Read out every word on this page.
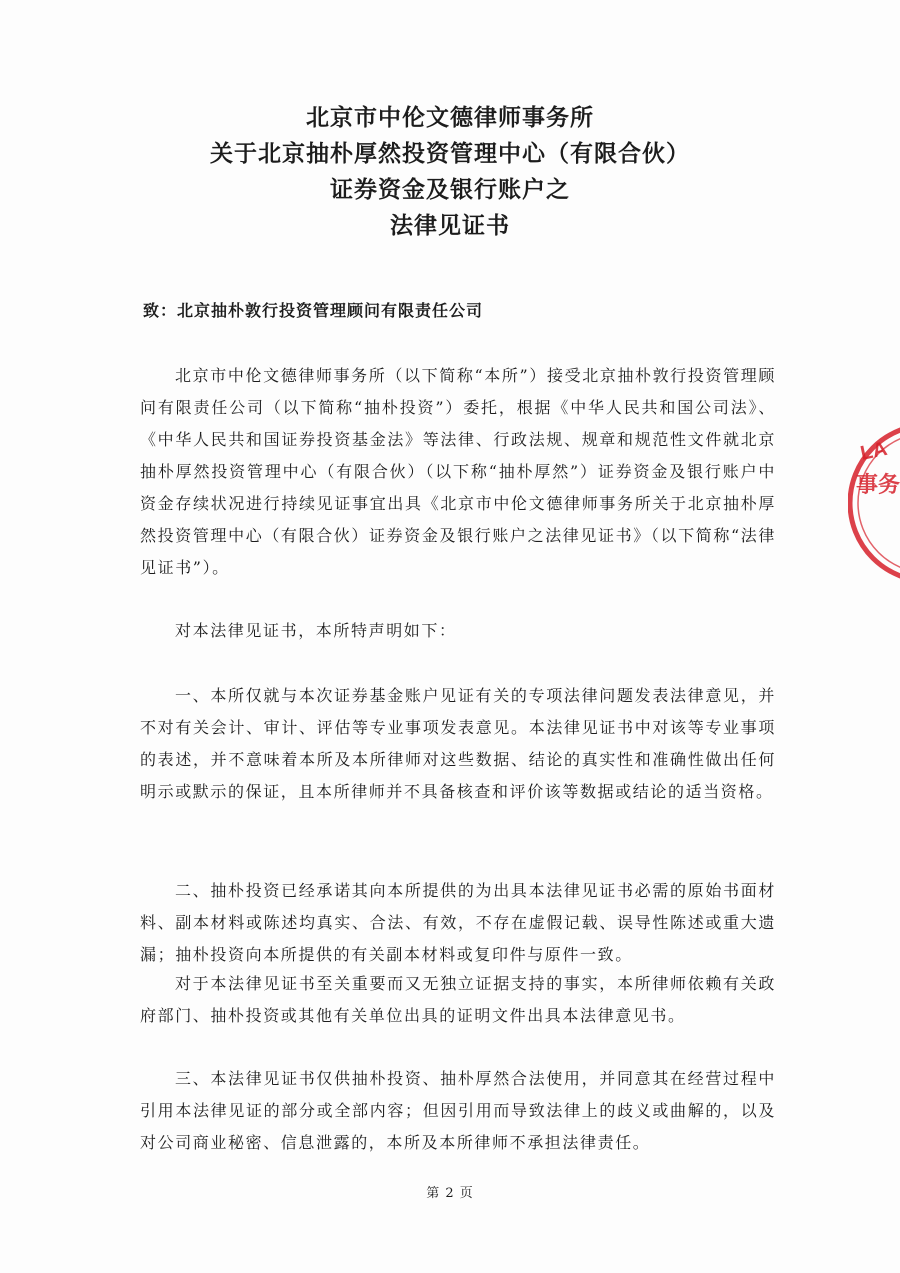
北京市中伦文德律师事务所
关于北京抽朴厚然投资管理中心（有限合伙）
证券资金及银行账户之
法律见证书
致：北京抽朴敦行投资管理顾问有限责任公司

北京市中伦文德律师事务所（以下简称“本所”）接受北京抽朴敦行投资管理顾问有限责任公司（以下简称“抽朴投资”）委托，根据《中华人民共和国公司法》、《中华人民共和国证券投资基金法》等法律、行政法规、规章和规范性文件就北京抽朴厚然投资管理中心（有限合伙）（以下称“抽朴厚然”）证券资金及银行账户中资金存续状况进行持续见证事宜出具《北京市中伦文德律师事务所关于北京抽朴厚然投资管理中心（有限合伙）证券资金及银行账户之法律见证书》（以下简称“法律见证书”）。

对本法律见证书，本所特声明如下：

一、本所仅就与本次证券基金账户见证有关的专项法律问题发表法律意见，并不对有关会计、审计、评估等专业事项发表意见。本法律见证书中对该等专业事项的表述，并不意味着本所及本所律师对这些数据、结论的真实性和准确性做出任何明示或默示的保证，且本所律师并不具备核查和评价该等数据或结论的适当资格。

二、抽朴投资已经承诺其向本所提供的为出具本法律见证书必需的原始书面材料、副本材料或陈述均真实、合法、有效，不存在虚假记载、误导性陈述或重大遗漏；抽朴投资向本所提供的有关副本材料或复印件与原件一致。

对于本法律见证书至关重要而又无独立证据支持的事实，本所律师依赖有关政府部门、抽朴投资或其他有关单位出具的证明文件出具本法律意见书。

三、本法律见证书仅供抽朴投资、抽朴厚然合法使用，并同意其在经营过程中引用本法律见证的部分或全部内容；但因引用而导致法律上的歧义或曲解的，以及对公司商业秘密、信息泄露的，本所及本所律师不承担法律责任。

第 2 页
LA
事务
